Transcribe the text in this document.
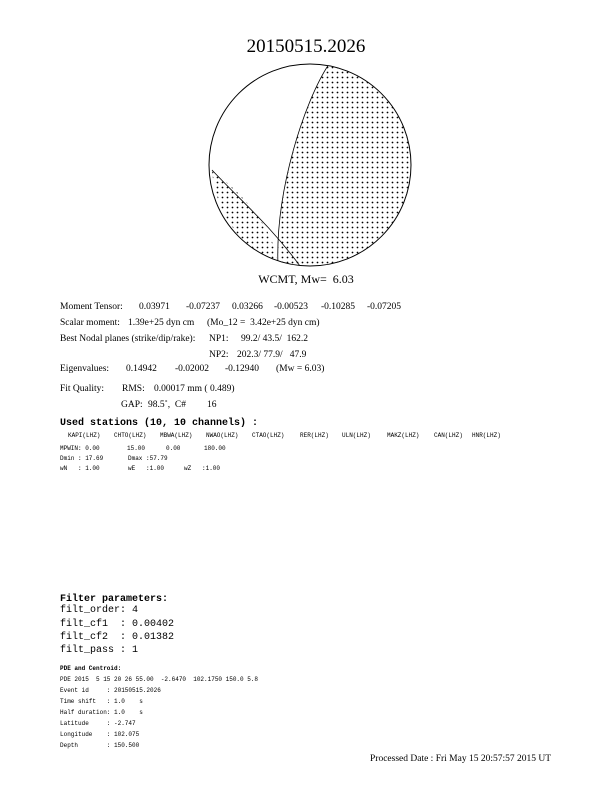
20150515.2026
WCMT, Mw=  6.03
Moment Tensor: 0.03971 -0.07237 0.03266 -0.00523 -0.10285 -0.07205
Scalar moment: 1.39e+25 dyn cm (Mo_12 =  3.42e+25 dyn cm)
Best Nodal planes (strike/dip/rake): NP1: 99.2/ 43.5/  162.2
NP2: 202.3/ 77.9/   47.9
Eigenvalues: 0.14942 -0.02002 -0.12940 (Mw = 6.03)
Fit Quality: RMS: 0.00017 mm ( 0.489)
GAP: 98.5˚,  C# 16
Used stations (10, 10 channels) :
KAPI(LHZ) CHTO(LHZ) MBWA(LHZ) NWAO(LHZ) CTAO(LHZ)	RER(LHZ) ULN(LHZ)	MAKZ(LHZ) CAN(LHZ) HNR(LHZ)
MPWIN: 0.00	15.00	0.00	180.00
Dmin : 17.69	Dmax :57.79
wN   : 1.00	wE   :1.00	wZ   :1.00
Filter parameters:
filt_order: 4
filt_cf1  : 0.00402
filt_cf2  : 0.01382
filt_pass : 1
PDE and Centroid:
PDE 2015  5 15 20 26 55.00  -2.6470  102.1750 150.0 5.8
Event id     : 20150515.2026
Time shift   : 1.0    s
Half duration: 1.0    s
Latitude     : -2.747
Longitude    : 102.075
Depth        : 150.500
Processed Date : Fri May 15 20:57:57 2015 UT
